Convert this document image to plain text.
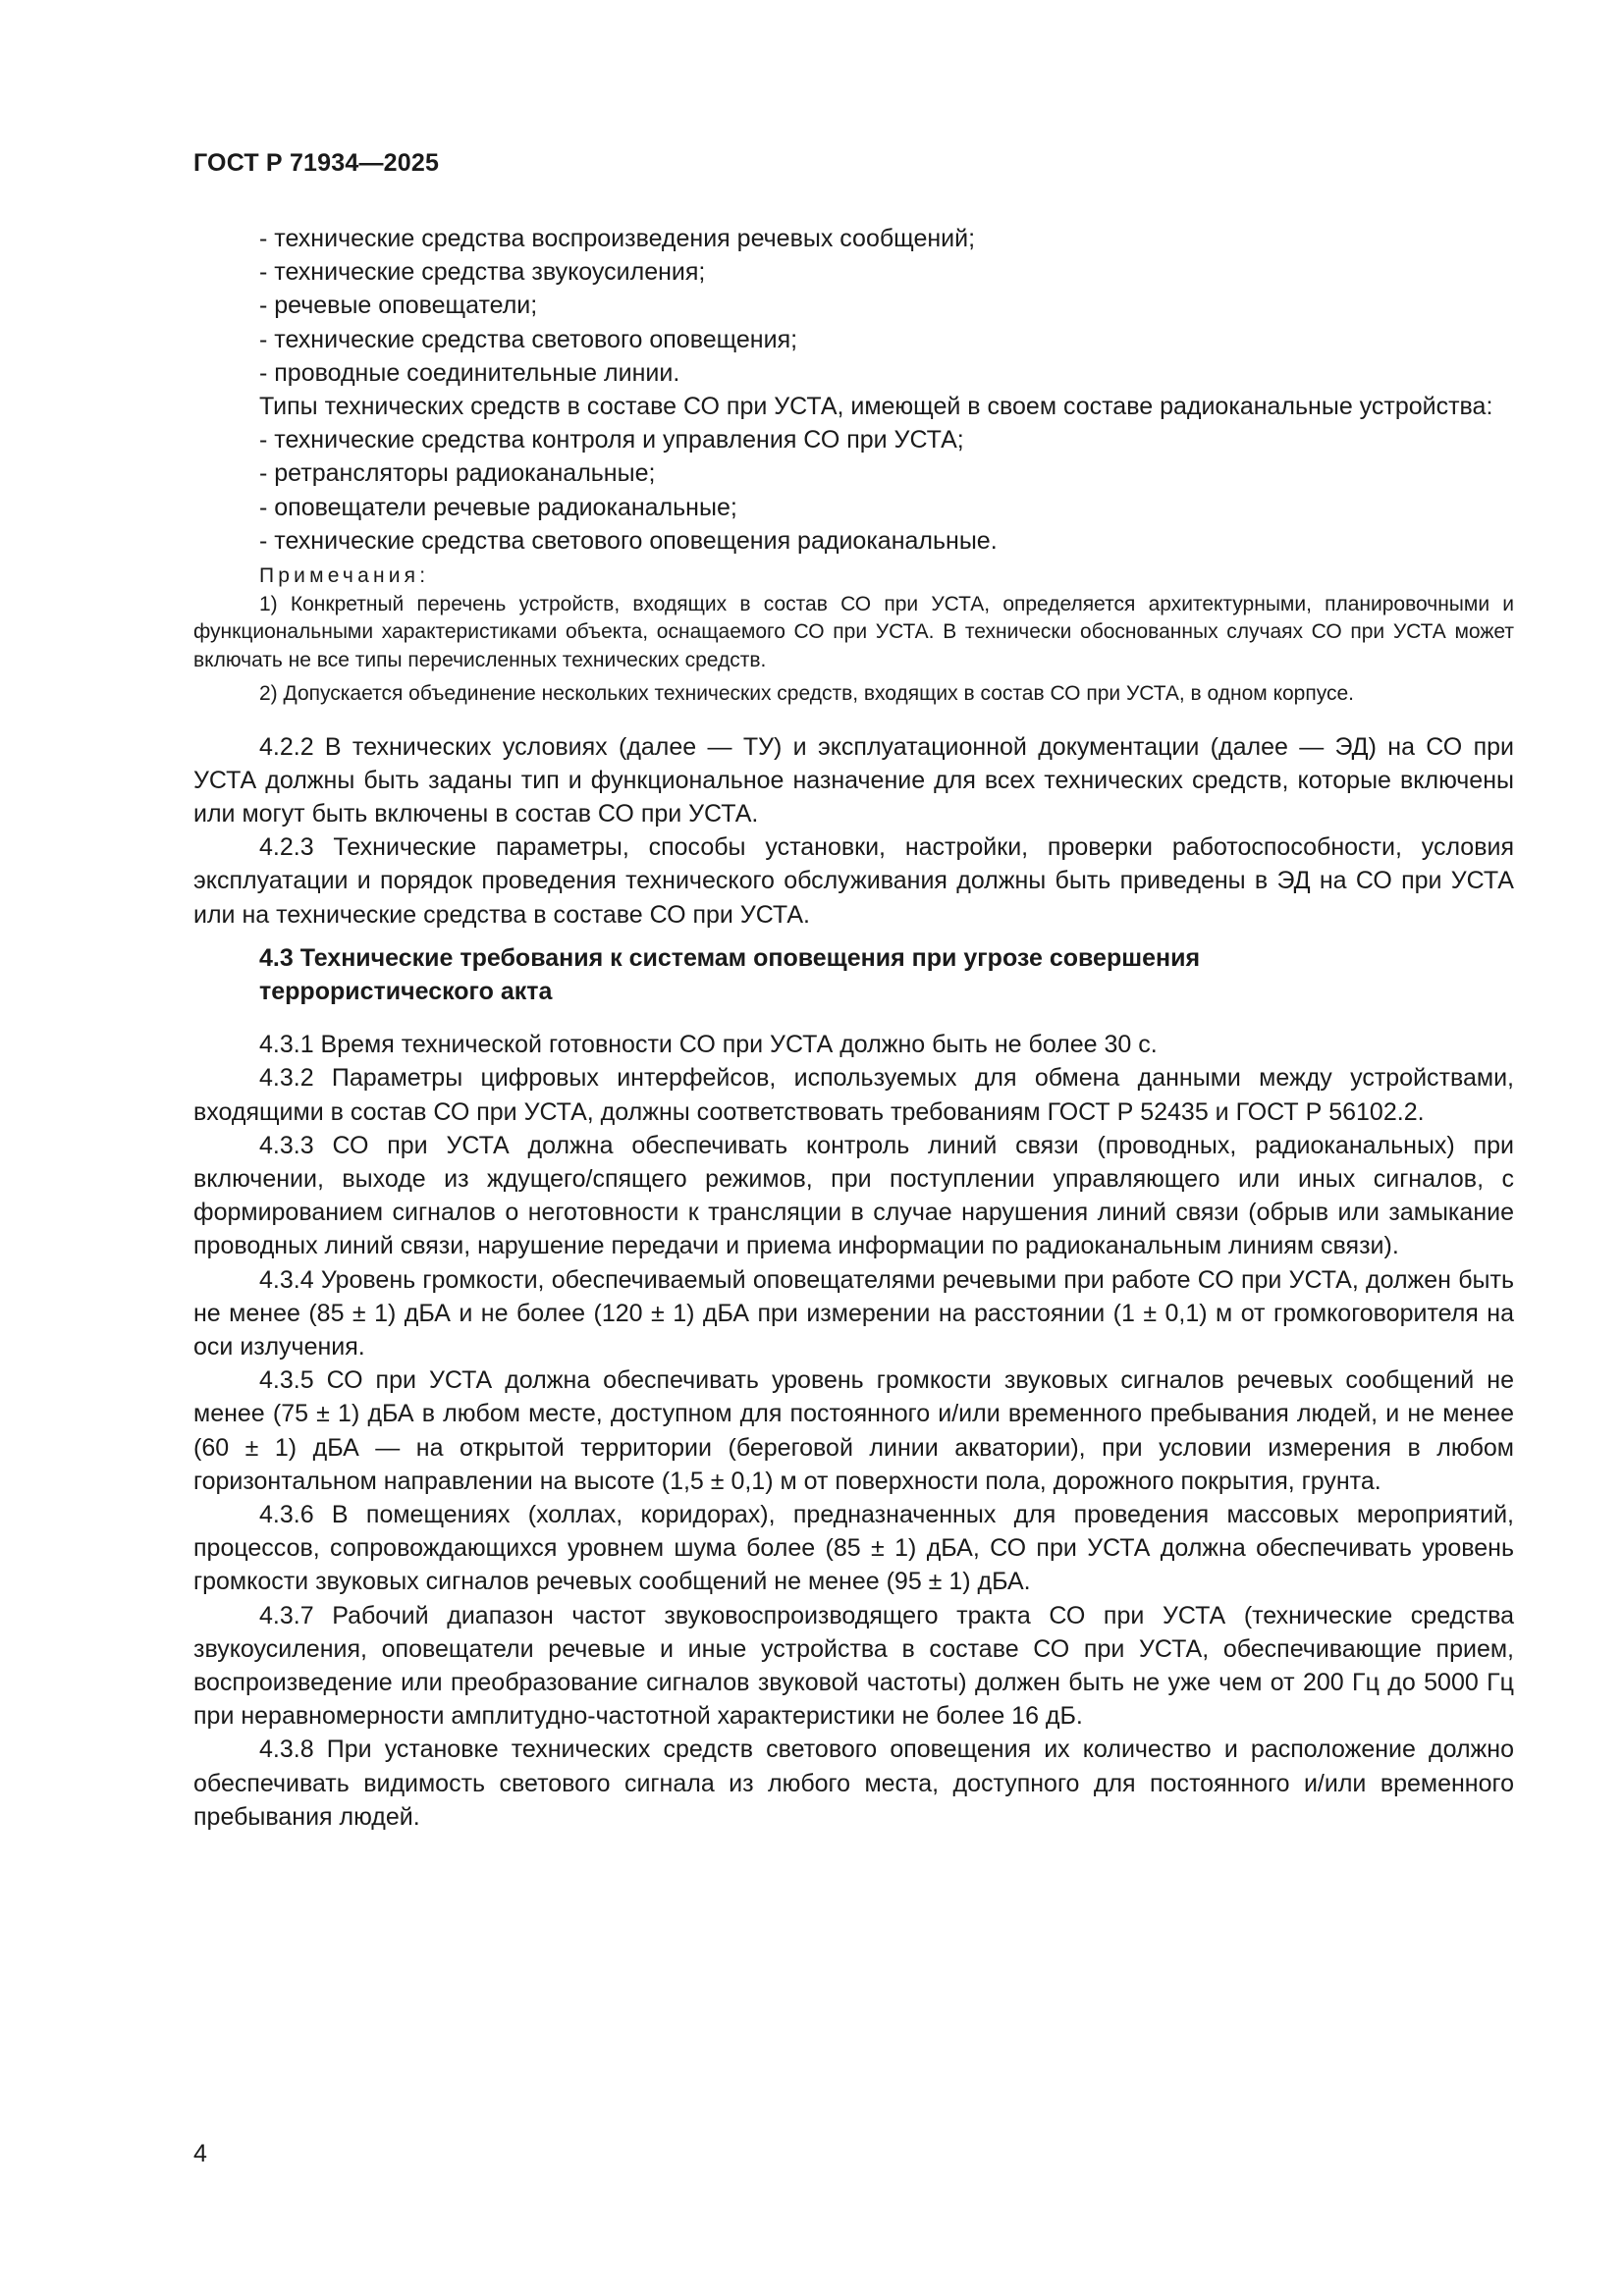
ГОСТ Р 71934—2025

- технические средства воспроизведения речевых сообщений;

- технические средства звукоусиления;

- речевые оповещатели;

- технические средства светового оповещения;

- проводные соединительные линии.

Типы технических средств в составе СО при УСТА, имеющей в своем составе радиоканальные устройства:

- технические средства контроля и управления СО при УСТА;

- ретрансляторы радиоканальные;

- оповещатели речевые радиоканальные;

- технические средства светового оповещения радиоканальные.

Примечания:

1) Конкретный перечень устройств, входящих в состав СО при УСТА, определяется архитектурными, планировочными и функциональными характеристиками объекта, оснащаемого СО при УСТА. В технически обоснованных случаях СО при УСТА может включать не все типы перечисленных технических средств.

2) Допускается объединение нескольких технических средств, входящих в состав СО при УСТА, в одном корпусе.

4.2.2 В технических условиях (далее — ТУ) и эксплуатационной документации (далее — ЭД) на СО при УСТА должны быть заданы тип и функциональное назначение для всех технических средств, которые включены или могут быть включены в состав СО при УСТА.

4.2.3 Технические параметры, способы установки, настройки, проверки работоспособности, условия эксплуатации и порядок проведения технического обслуживания должны быть приведены в ЭД на СО при УСТА или на технические средства в составе СО при УСТА.

4.3 Технические требования к системам оповещения при угрозе совершения террористического акта

4.3.1 Время технической готовности СО при УСТА должно быть не более 30 с.

4.3.2 Параметры цифровых интерфейсов, используемых для обмена данными между устройствами, входящими в состав СО при УСТА, должны соответствовать требованиям ГОСТ Р 52435 и ГОСТ Р 56102.2.

4.3.3 СО при УСТА должна обеспечивать контроль линий связи (проводных, радиоканальных) при включении, выходе из ждущего/спящего режимов, при поступлении управляющего или иных сигналов, с формированием сигналов о неготовности к трансляции в случае нарушения линий связи (обрыв или замыкание проводных линий связи, нарушение передачи и приема информации по радиоканальным линиям связи).

4.3.4 Уровень громкости, обеспечиваемый оповещателями речевыми при работе СО при УСТА, должен быть не менее (85 ± 1) дБА и не более (120 ± 1) дБА при измерении на расстоянии (1 ± 0,1) м от громкоговорителя на оси излучения.

4.3.5 СО при УСТА должна обеспечивать уровень громкости звуковых сигналов речевых сообщений не менее (75 ± 1) дБА в любом месте, доступном для постоянного и/или временного пребывания людей, и не менее (60 ± 1) дБА — на открытой территории (береговой линии акватории), при условии измерения в любом горизонтальном направлении на высоте (1,5 ± 0,1) м от поверхности пола, дорожного покрытия, грунта.

4.3.6 В помещениях (холлах, коридорах), предназначенных для проведения массовых мероприятий, процессов, сопровождающихся уровнем шума более (85 ± 1) дБА, СО при УСТА должна обеспечивать уровень громкости звуковых сигналов речевых сообщений не менее (95 ± 1) дБА.

4.3.7 Рабочий диапазон частот звуковоспроизводящего тракта СО при УСТА (технические средства звукоусиления, оповещатели речевые и иные устройства в составе СО при УСТА, обеспечивающие прием, воспроизведение или преобразование сигналов звуковой частоты) должен быть не уже чем от 200 Гц до 5000 Гц при неравномерности амплитудно-частотной характеристики не более 16 дБ.

4.3.8 При установке технических средств светового оповещения их количество и расположение должно обеспечивать видимость светового сигнала из любого места, доступного для постоянного и/или временного пребывания людей.

4
